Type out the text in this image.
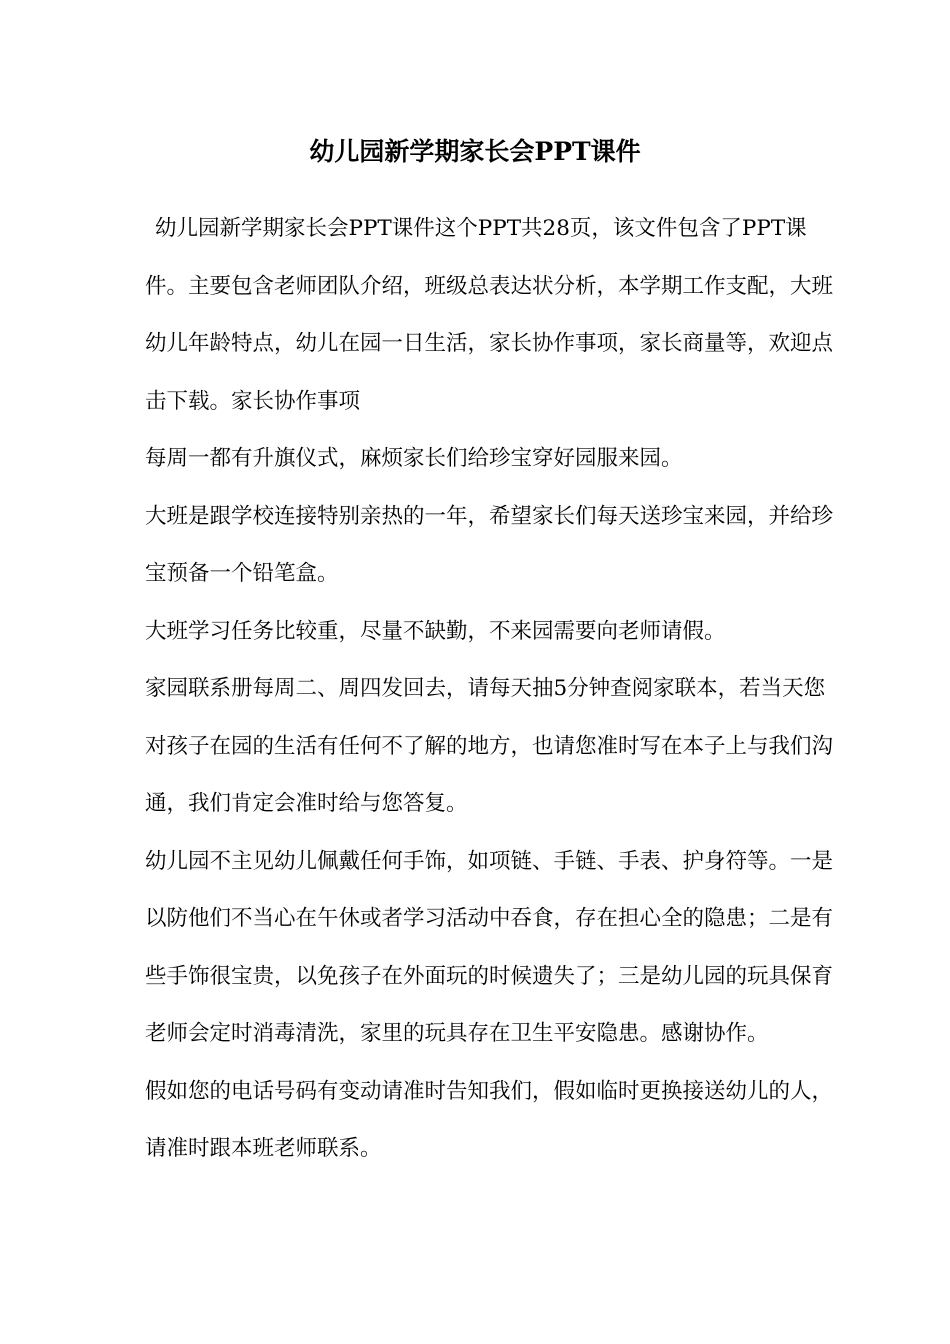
幼儿园新学期家长会PPT课件

幼儿园新学期家长会PPT课件这个PPT共28页，该文件包含了PPT课件。主要包含老师团队介绍，班级总表达状分析，本学期工作支配，大班幼儿年龄特点，幼儿在园一日生活，家长协作事项，家长商量等，欢迎点击下载。家长协作事项

每周一都有升旗仪式，麻烦家长们给珍宝穿好园服来园。

大班是跟学校连接特别亲热的一年，希望家长们每天送珍宝来园，并给珍宝预备一个铅笔盒。

大班学习任务比较重，尽量不缺勤，不来园需要向老师请假。

家园联系册每周二、周四发回去，请每天抽5分钟查阅家联本，若当天您对孩子在园的生活有任何不了解的地方，也请您准时写在本子上与我们沟通，我们肯定会准时给与您答复。

幼儿园不主见幼儿佩戴任何手饰，如项链、手链、手表、护身符等。一是以防他们不当心在午休或者学习活动中吞食，存在担心全的隐患；二是有些手饰很宝贵，以免孩子在外面玩的时候遗失了；三是幼儿园的玩具保育老师会定时消毒清洗，家里的玩具存在卫生平安隐患。感谢协作。

假如您的电话号码有变动请准时告知我们，假如临时更换接送幼儿的人，请准时跟本班老师联系。
